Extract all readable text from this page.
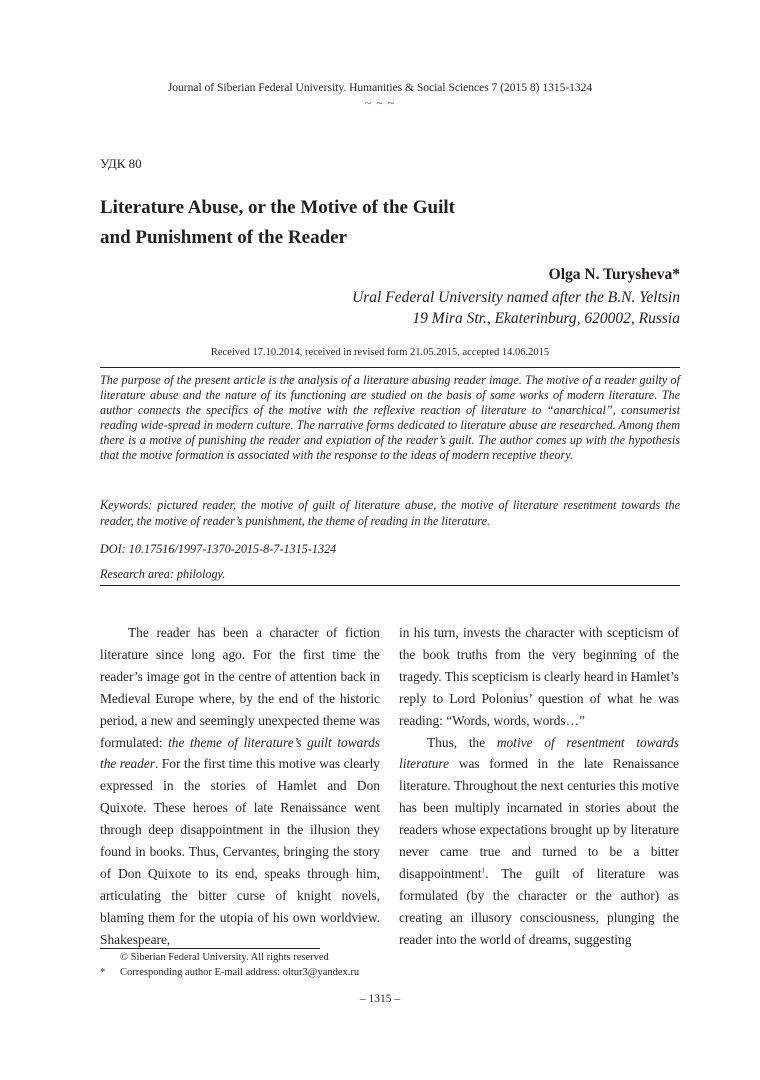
Journal of Siberian Federal University. Humanities & Social Sciences 7 (2015 8) 1315-1324
~ ~ ~
УДК 80
Literature Abuse, or the Motive of the Guilt
and Punishment of the Reader
Olga N. Turysheva*
Ural Federal University named after the B.N. Yeltsin
19 Mira Str., Ekaterinburg, 620002, Russia
Received 17.10.2014, received in revised form 21.05.2015, accepted 14.06.2015
The purpose of the present article is the analysis of a literature abusing reader image. The motive of a reader guilty of literature abuse and the nature of its functioning are studied on the basis of some works of modern literature. The author connects the specifics of the motive with the reflexive reaction of literature to “anarchical”, consumerist reading wide-spread in modern culture. The narrative forms dedicated to literature abuse are researched. Among them there is a motive of punishing the reader and expiation of the reader’s guilt. The author comes up with the hypothesis that the motive formation is associated with the response to the ideas of modern receptive theory.
Keywords: pictured reader, the motive of guilt of literature abuse, the motive of literature resentment towards the reader, the motive of reader’s punishment, the theme of reading in the literature.
DOI: 10.17516/1997-1370-2015-8-7-1315-1324
Research area: philology.

The reader has been a character of fiction literature since long ago. For the first time the reader’s image got in the centre of attention back in Medieval Europe where, by the end of the historic period, a new and seemingly unexpected theme was formulated: the theme of literature’s guilt towards the reader. For the first time this motive was clearly expressed in the stories of Hamlet and Don Quixote. These heroes of late Renaissance went through deep disappointment in the illusion they found in books. Thus, Cervantes, bringing the story of Don Quixote to its end, speaks through him, articulating the bitter curse of knight novels, blaming them for the utopia of his own worldview. Shakespeare,

in his turn, invests the character with scepticism of the book truths from the very beginning of the tragedy. This scepticism is clearly heard in Hamlet’s reply to Lord Polonius’ question of what he was reading: “Words, words, words…”

Thus, the motive of resentment towards literature was formed in the late Renaissance literature. Throughout the next centuries this motive has been multiply incarnated in stories about the readers whose expectations brought up by literature never came true and turned to be a bitter disappointment$^1$. The guilt of literature was formulated (by the character or the author) as creating an illusory consciousness, plunging the reader into the world of dreams, suggesting

© Siberian Federal University. All rights reserved
* Corresponding author E-mail address: oltur3@yandex.ru
– 1315 –
